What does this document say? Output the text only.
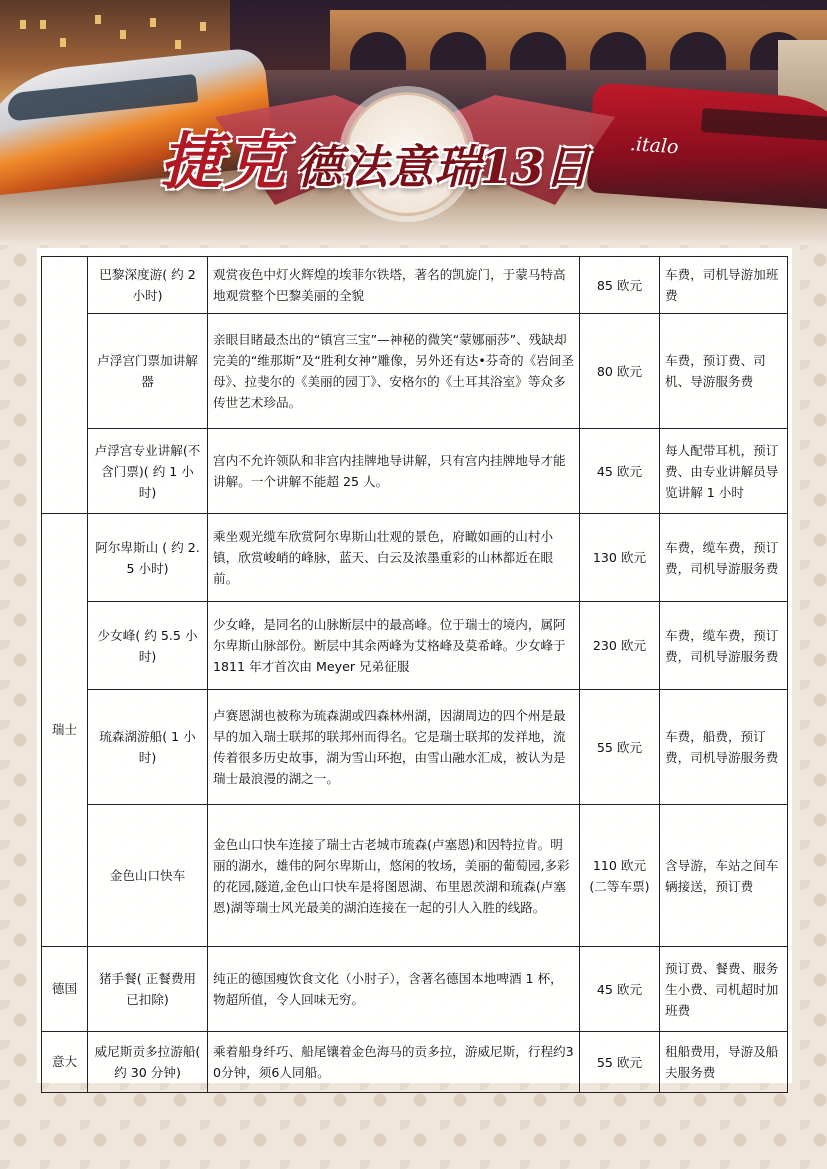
.italo
捷克 德法意瑞13日
	巴黎深度游( 约 2 小时)	观赏夜色中灯火辉煌的埃菲尔铁塔，著名的凯旋门，于蒙马特高地观赏整个巴黎美丽的全貌	85 欧元	车费，司机导游加班费
	卢浮宫门票加讲解器	亲眼目睹最杰出的“镇宫三宝”—神秘的微笑“蒙娜丽莎”、残缺却完美的“维那斯”及“胜利女神”雕像，另外还有达•芬奇的《岩间圣母》、拉斐尔的《美丽的园丁》、安格尔的《土耳其浴室》等众多传世艺术珍品。	80 欧元	车费，预订费、司机、导游服务费
	卢浮宫专业讲解(不含门票)( 约 1 小时)	宫内不允许领队和非宫内挂牌地导讲解，只有宫内挂牌地导才能讲解。一个讲解不能超 25 人。	45 欧元	每人配带耳机，预订费、由专业讲解员导览讲解 1 小时
瑞士	阿尔卑斯山 ( 约 2.5 小时)	乘坐观光缆车欣赏阿尔卑斯山壮观的景色，府瞰如画的山村小镇，欣赏峻峭的峰脉，蓝天、白云及浓墨重彩的山林都近在眼前。	130 欧元	车费，缆车费，预订费，司机导游服务费
	少女峰( 约 5.5 小时)	少女峰，是同名的山脉断层中的最高峰。位于瑞士的境内，属阿尔卑斯山脉部份。断层中其余两峰为艾格峰及莫希峰。少女峰于 1811 年才首次由 Meyer 兄弟征服	230 欧元	车费，缆车费，预订费，司机导游服务费
	琉森湖游船( 1 小时)	卢赛恩湖也被称为琉森湖或四森林州湖，因湖周边的四个州是最早的加入瑞士联邦的联邦州而得名。它是瑞士联邦的发祥地，流传着很多历史故事，湖为雪山环抱，由雪山融水汇成，被认为是瑞士最浪漫的湖之一。	55 欧元	车费，船费，预订费，司机导游服务费
	金色山口快车	金色山口快车连接了瑞士古老城市琉森(卢塞恩)和因特拉肯。明丽的湖水，雄伟的阿尔卑斯山，悠闲的牧场，美丽的葡萄园,多彩的花园,隧道,金色山口快车是将图恩湖、布里恩茨湖和琉森(卢塞恩)湖等瑞士风光最美的湖泊连接在一起的引人入胜的线路。	110 欧元(二等车票)	含导游，车站之间车辆接送，预订费
德国	猪手餐( 正餐费用已扣除)	纯正的德国瘦饮食文化（小肘子），含著名德国本地啤酒 1 杯，物超所值，令人回味无穷。	45 欧元	预订费、餐费、服务生小费、司机超时加班费
意大	威尼斯贡多拉游船( 约 30 分钟)	乘着船身纤巧、船尾镶着金色海马的贡多拉，游威尼斯，行程约30分钟，须6人同船。	55 欧元	租船费用，导游及船夫服务费
